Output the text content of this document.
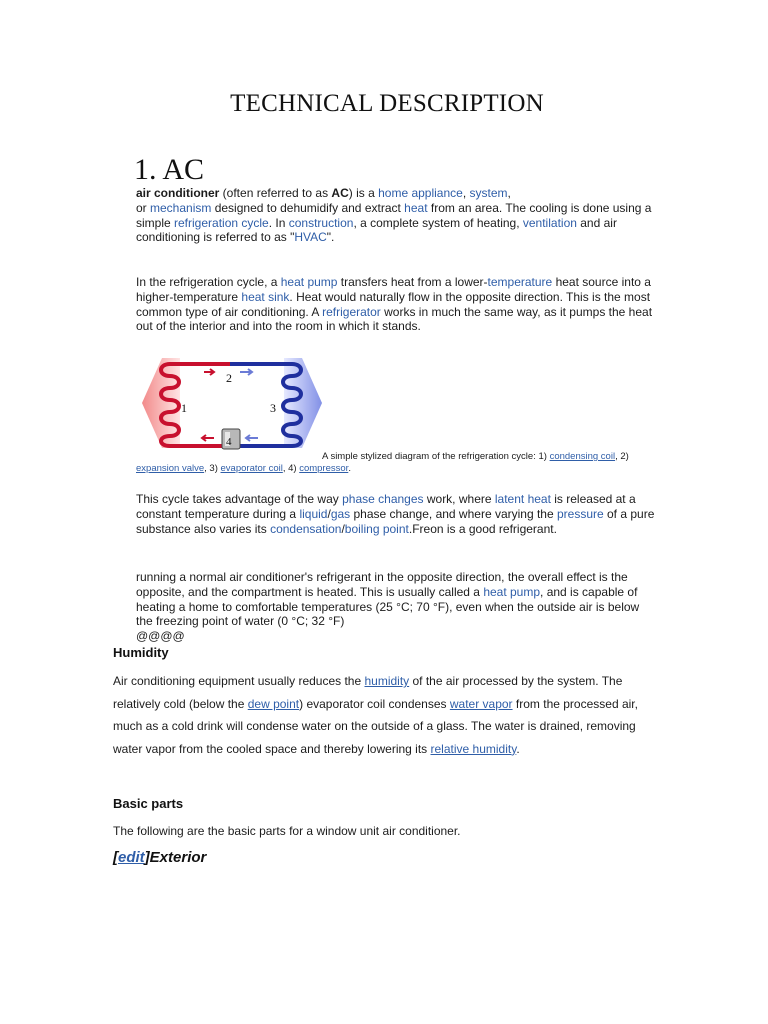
TECHNICAL DESCRIPTION
1. AC
air conditioner (often referred to as AC) is a home appliance, system,
or mechanism designed to dehumidify and extract heat from an area. The cooling is done using a simple refrigeration cycle. In construction, a complete system of heating, ventilation and air conditioning is referred to as "HVAC".
In the refrigeration cycle, a heat pump transfers heat from a lower-temperature heat source into a higher-temperature heat sink. Heat would naturally flow in the opposite direction. This is the most common type of air conditioning. A refrigerator works in much the same way, as it pumps the heat out of the interior and into the room in which it stands.
1
2
3
4
A simple stylized diagram of the refrigeration cycle: 1) condensing coil, 2) expansion valve, 3) evaporator coil, 4) compressor.
This cycle takes advantage of the way phase changes work, where latent heat is released at a constant temperature during a liquid/gas phase change, and where varying the pressure of a pure substance also varies its condensation/boiling point.Freon is a good refrigerant.
running a normal air conditioner's refrigerant in the opposite direction, the overall effect is the opposite, and the compartment is heated. This is usually called a heat pump, and is capable of heating a home to comfortable temperatures (25 °C; 70 °F), even when the outside air is below the freezing point of water (0 °C; 32 °F)
@@@@
Humidity
Air conditioning equipment usually reduces the humidity of the air processed by the system. The relatively cold (below the dew point) evaporator coil condenses water vapor from the processed air, much as a cold drink will condense water on the outside of a glass. The water is drained, removing water vapor from the cooled space and thereby lowering its relative humidity.
Basic parts
The following are the basic parts for a window unit air conditioner.
[edit]Exterior
